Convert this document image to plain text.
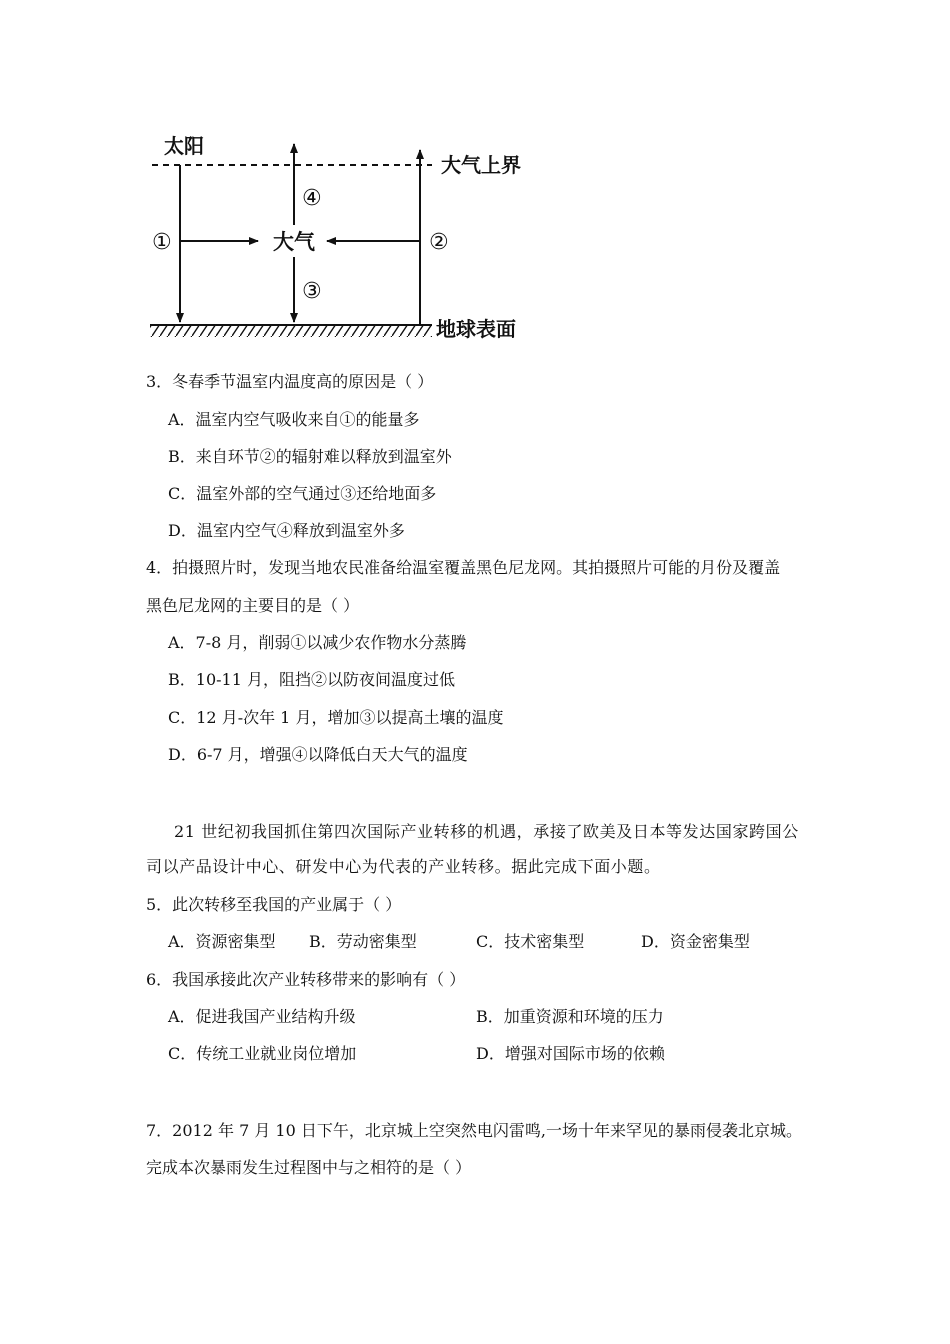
太阳
大气上界
地球表面
大气
①	②
③
④
3．冬春季节温室内温度高的原因是（ ）
A．温室内空气吸收来自①的能量多
B．来自环节②的辐射难以释放到温室外
C．温室外部的空气通过③还给地面多
D．温室内空气④释放到温室外多
4．拍摄照片时，发现当地农民准备给温室覆盖黑色尼龙网。其拍摄照片可能的月份及覆盖
黑色尼龙网的主要目的是（ ）
A．7-8 月，削弱①以减少农作物水分蒸腾
B．10-11 月，阻挡②以防夜间温度过低
C．12 月-次年 1 月，增加③以提高土壤的温度
D．6-7 月，增强④以降低白天大气的温度
21 世纪初我国抓住第四次国际产业转移的机遇，承接了欧美及日本等发达国家跨国公
司以产品设计中心、研发中心为代表的产业转移。据此完成下面小题。
5．此次转移至我国的产业属于（ ）
A．资源密集型 B．劳动密集型	C．技术密集型	D．资金密集型
6．我国承接此次产业转移带来的影响有（ ）
A．促进我国产业结构升级	B．加重资源和环境的压力
C．传统工业就业岗位增加	D．增强对国际市场的依赖
7．2012 年 7 月 10 日下午，北京城上空突然电闪雷鸣,一场十年来罕见的暴雨侵袭北京城。
完成本次暴雨发生过程图中与之相符的是（ ）
